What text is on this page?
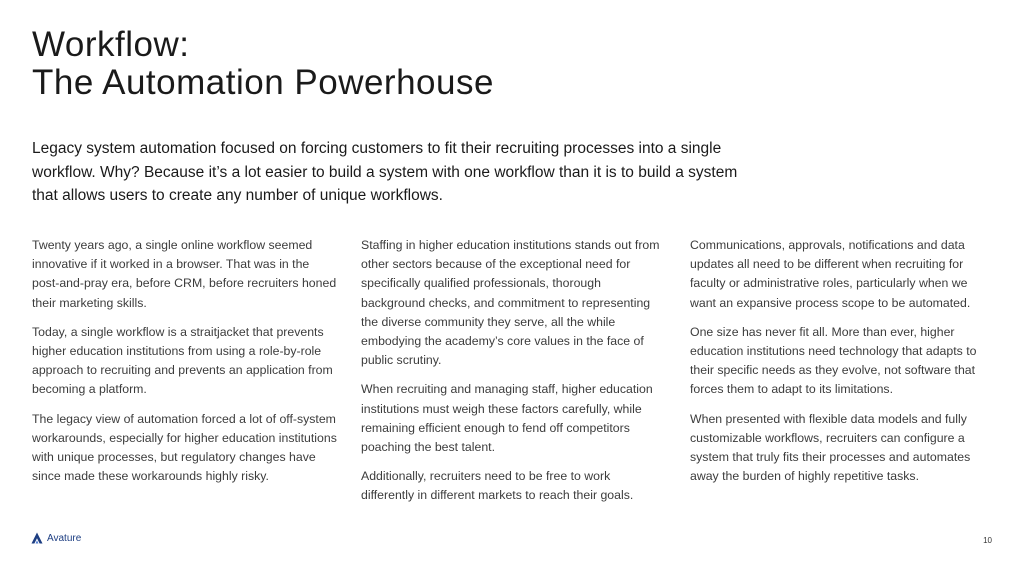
Workflow:
The Automation Powerhouse

Legacy system automation focused on forcing customers to fit their recruiting processes into a single workflow. Why? Because it’s a lot easier to build a system with one workflow than it is to build a system that allows users to create any number of unique workflows.

Twenty years ago, a single online workflow seemed innovative if it worked in a browser. That was in the post-and-pray era, before CRM, before recruiters honed their marketing skills.

Today, a single workflow is a straitjacket that prevents higher education institutions from using a role-by-role approach to recruiting and prevents an application from becoming a platform.

The legacy view of automation forced a lot of off-system workarounds, especially for higher education institutions with unique processes, but regulatory changes have since made these workarounds highly risky.

Staffing in higher education institutions stands out from other sectors because of the exceptional need for specifically qualified professionals, thorough background checks, and commitment to representing the diverse community they serve, all the while embodying the academy’s core values in the face of public scrutiny.

When recruiting and managing staff, higher education institutions must weigh these factors carefully, while remaining efficient enough to fend off competitors poaching the best talent.

Additionally, recruiters need to be free to work differently in different markets to reach their goals.

Communications, approvals, notifications and data updates all need to be different when recruiting for faculty or administrative roles, particularly when we want an expansive process scope to be automated.

One size has never fit all. More than ever, higher education institutions need technology that adapts to their specific needs as they evolve, not software that forces them to adapt to its limitations.

When presented with flexible data models and fully customizable workflows, recruiters can configure a system that truly fits their processes and automates away the burden of highly repetitive tasks.

Avature	10
